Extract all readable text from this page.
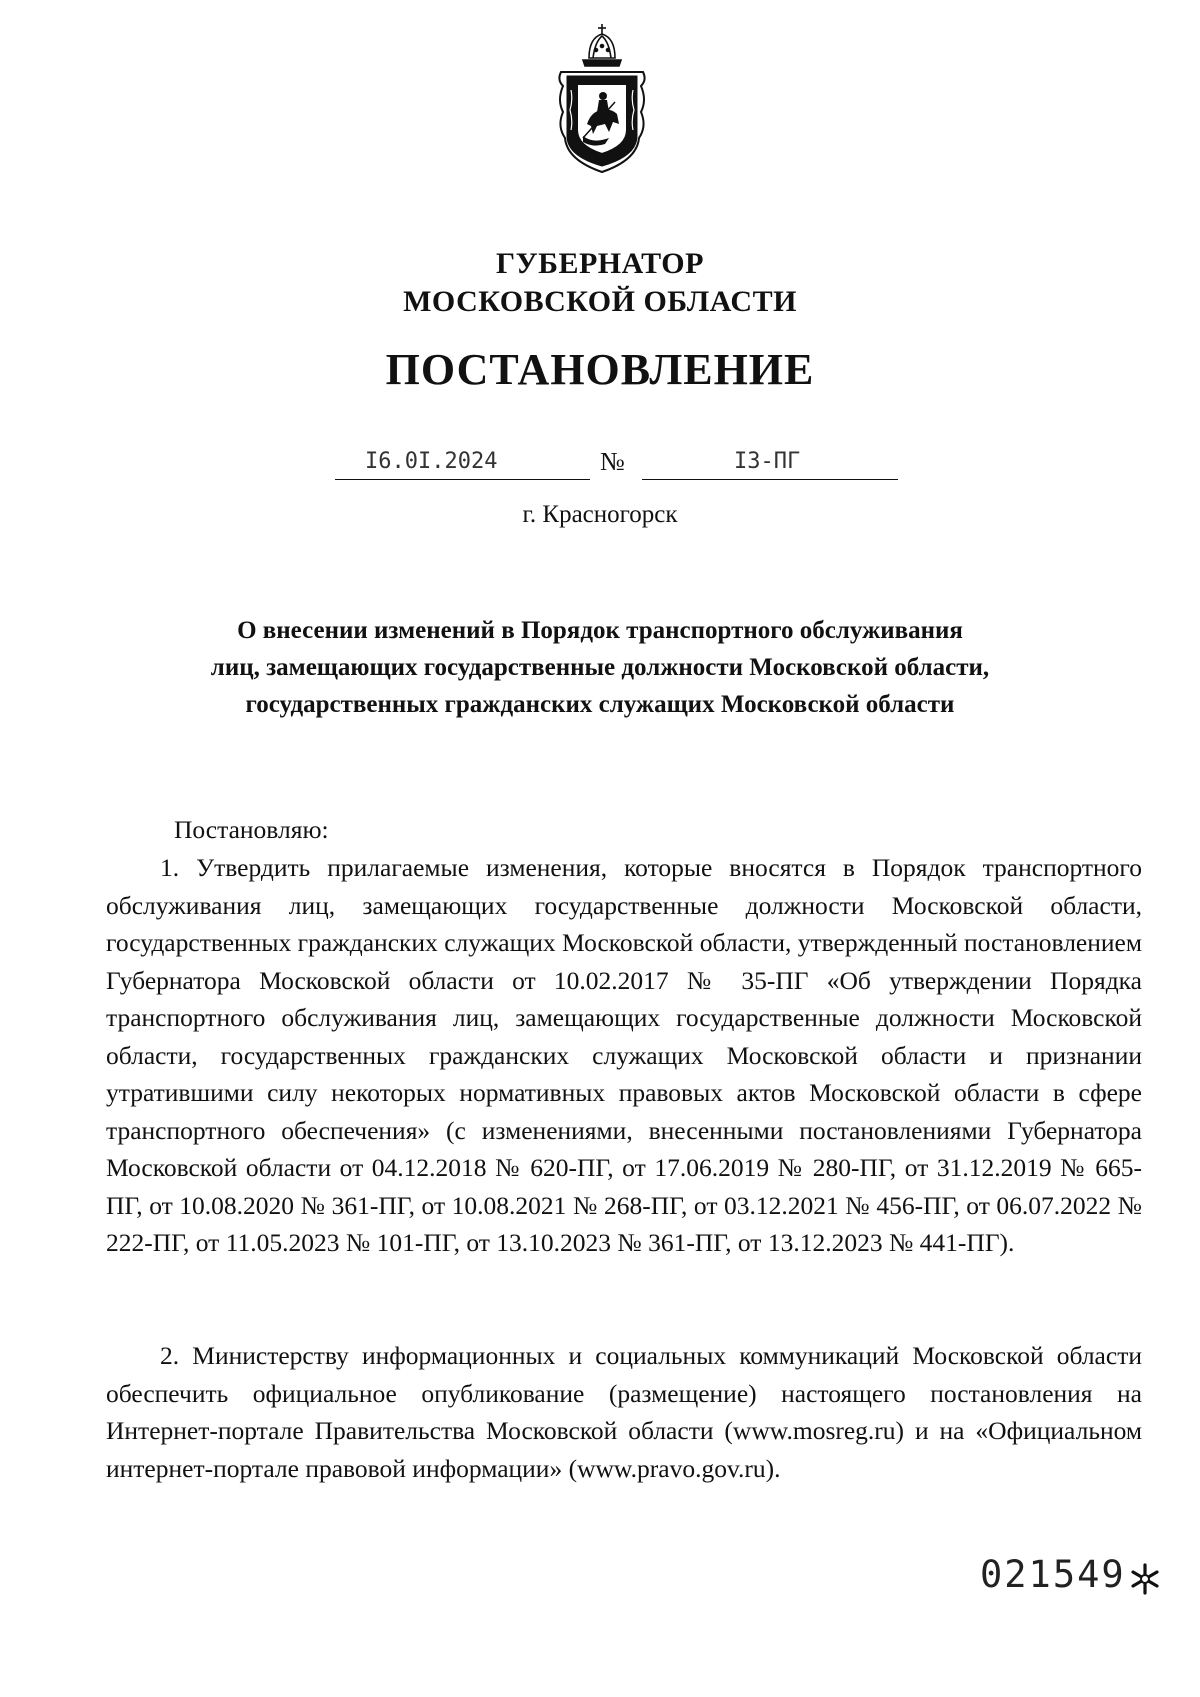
ГУБЕРНАТОР
МОСКОВСКОЙ ОБЛАСТИ
ПОСТАНОВЛЕНИЕ
I6.0I.2024	№	I3-ПГ
г. Красногорск
О внесении изменений в Порядок транспортного обслуживания
лиц, замещающих государственные должности Московской области,
государственных гражданских служащих Московской области
Постановляю:
1. Утвердить прилагаемые изменения, которые вносятся в Порядок транспортного обслуживания лиц, замещающих государственные должности Московской области, государственных гражданских служащих Московской области, утвержденный постановлением Губернатора Московской области от 10.02.2017 № 35-ПГ «Об утверждении Порядка транспортного обслуживания лиц, замещающих государственные должности Московской области, государственных гражданских служащих Московской области и признании утратившими силу некоторых нормативных правовых актов Московской области в сфере транспортного обеспечения» (с изменениями, внесенными постановлениями Губернатора Московской области от 04.12.2018 № 620-ПГ, от 17.06.2019 № 280-ПГ, от 31.12.2019 № 665-ПГ, от 10.08.2020 № 361-ПГ, от 10.08.2021 № 268-ПГ, от 03.12.2021 № 456-ПГ, от 06.07.2022 № 222-ПГ, от 11.05.2023 № 101-ПГ, от 13.10.2023 № 361-ПГ, от 13.12.2023 № 441-ПГ).
2. Министерству информационных и социальных коммуникаций Московской области обеспечить официальное опубликование (размещение) настоящего постановления на Интернет-портале Правительства Московской области (www.mosreg.ru) и на «Официальном интернет-портале правовой информации» (www.pravo.gov.ru).
021549
